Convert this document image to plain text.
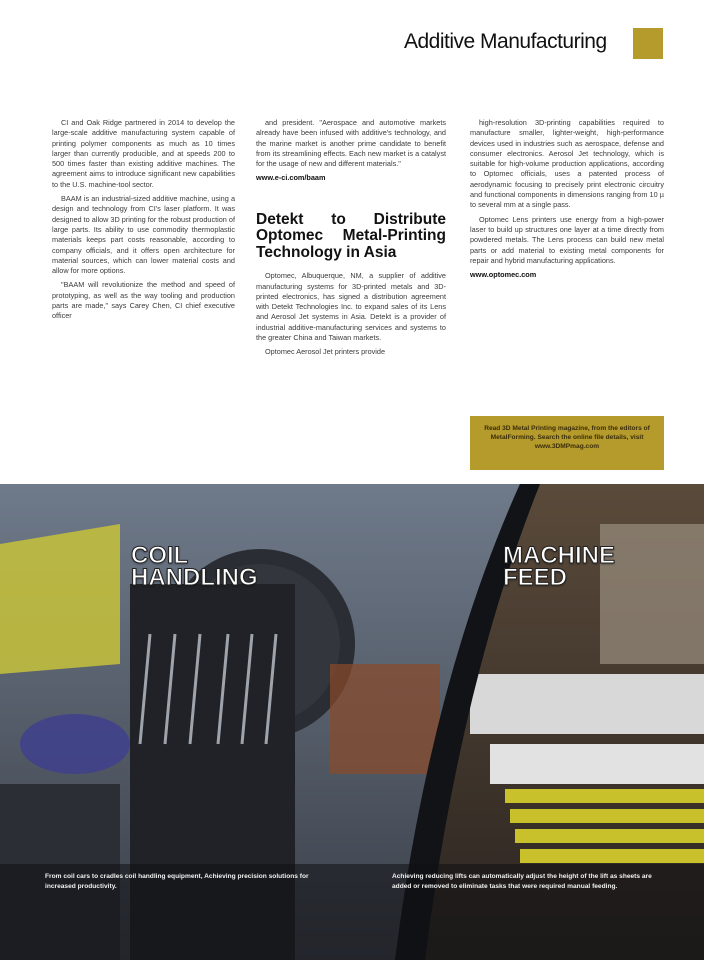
Additive Manufacturing

CI and Oak Ridge partnered in 2014 to develop the large-scale additive manufacturing system capable of printing polymer components as much as 10 times larger than currently producible, and at speeds 200 to 500 times faster than existing additive machines. The agreement aims to introduce significant new capabilities to the U.S. machine-tool sector.

BAAM is an industrial-sized additive machine, using a design and technology from CI's laser platform. It was designed to allow 3D printing for the robust production of large parts. Its ability to use commodity thermoplastic materials keeps part costs reasonable, according to company officials, and it offers open architecture for material sources, which can lower material costs and allow for more options.

"BAAM will revolutionize the method and speed of prototyping, as well as the way tooling and production parts are made," says Carey Chen, CI chief executive officer

and president. "Aerospace and automotive markets already have been infused with additive's technology, and the marine market is another prime candidate to benefit from its streamlining effects. Each new market is a catalyst for the usage of new and different materials."

www.e-ci.com/baam
Detekt to Distribute Optomec Metal-Printing Technology in Asia

Optomec, Albuquerque, NM, a supplier of additive manufacturing systems for 3D-printed metals and 3D-printed electronics, has signed a distribution agreement with Detekt Technologies Inc. to expand sales of its Lens and Aerosol Jet systems in Asia. Detekt is a provider of industrial additive-manufacturing services and systems to the greater China and Taiwan markets.

Optomec Aerosol Jet printers provide

high-resolution 3D-printing capabilities required to manufacture smaller, lighter-weight, high-performance devices used in industries such as aerospace, defense and consumer electronics. Aerosol Jet technology, which is suitable for high-volume production applications, according to Optomec officials, uses a patented process of aerodynamic focusing to precisely print electronic circuitry and functional components in dimensions ranging from 10 µ to several mm at a single pass.

Optomec Lens printers use energy from a high-power laser to build up structures one layer at a time directly from powdered metals. The Lens process can build new metal parts or add material to existing metal components for repair and hybrid manufacturing applications.

www.optomec.com
Read 3D Metal Printing magazine, from the editors of MetalForming. Search the online file details, visit www.3DMPmag.com
COIL
HANDLING
MACHINE
FEED
From coil cars to cradles coil handling equipment, Achieving precision solutions for increased productivity.
Achieving reducing lifts can automatically adjust the height of the lift as sheets are added or removed to eliminate tasks that were required manual feeding.
